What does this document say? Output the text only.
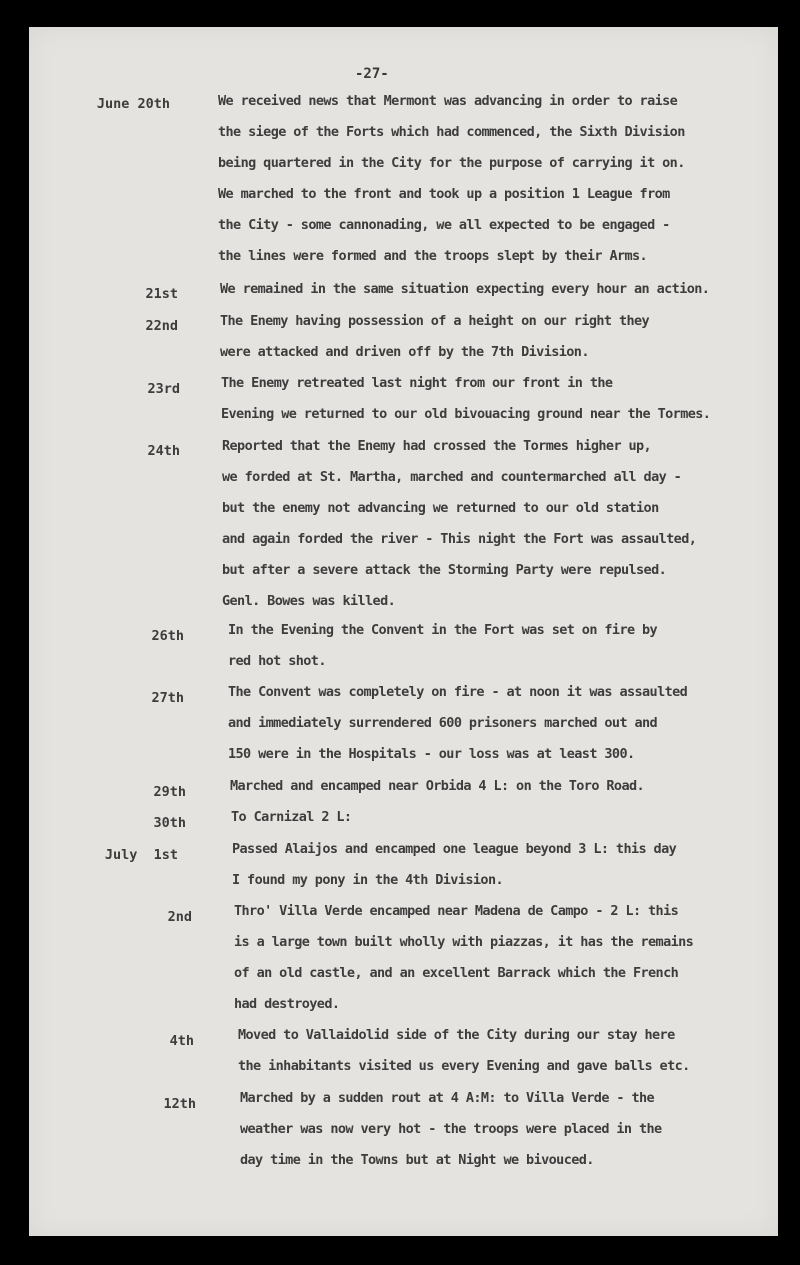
-27-
June 20th	We received news that Mermont was advancing in order to raise
the siege of the Forts which had commenced, the Sixth Division
being quartered in the City for the purpose of carrying it on.
We marched to the front and took up a position 1 League from
the City - some cannonading, we all expected to be engaged -
the lines were formed and the troops slept by their Arms.
21st	We remained in the same situation expecting every hour an action.
22nd	The Enemy having possession of a height on our right they
were attacked and driven off by the 7th Division.
23rd	The Enemy retreated last night from our front in the
Evening we returned to our old bivouacing ground near the Tormes.
24th	Reported that the Enemy had crossed the Tormes higher up,
we forded at St. Martha, marched and countermarched all day -
but the enemy not advancing we returned to our old station
and again forded the river - This night the Fort was assaulted,
but after a severe attack the Storming Party were repulsed.
Genl. Bowes was killed.
26th	In the Evening the Convent in the Fort was set on fire by
red hot shot.
27th	The Convent was completely on fire - at noon it was assaulted
and immediately surrendered 600 prisoners marched out and
150 were in the Hospitals - our loss was at least 300.
29th	Marched and encamped near Orbida 4 L: on the Toro Road.
30th	To Carnizal 2 L:
July  1st	Passed Alaijos and encamped one league beyond 3 L: this day
I found my pony in the 4th Division.
2nd	Thro' Villa Verde encamped near Madena de Campo - 2 L: this
is a large town built wholly with piazzas, it has the remains
of an old castle, and an excellent Barrack which the French
had destroyed.
4th	Moved to Vallaidolid side of the City during our stay here
the inhabitants visited us every Evening and gave balls etc.
12th	Marched by a sudden rout at 4 A:M: to Villa Verde - the
weather was now very hot - the troops were placed in the
day time in the Towns but at Night we bivouced.
